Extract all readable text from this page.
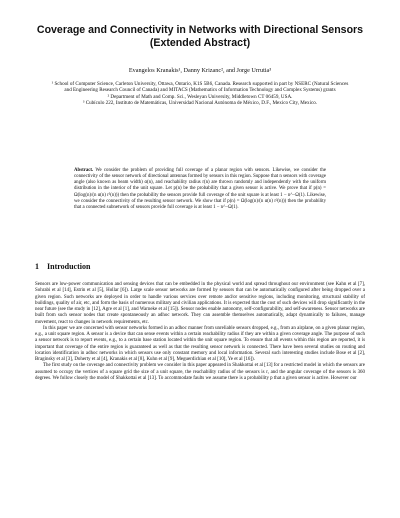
Coverage and Connectivity in Networks with Directional Sensors (Extended Abstract)
Evangelos Kranakis¹, Danny Krizanc², and Jorge Urrutia³

¹ School of Computer Science, Carleton University, Ottawa, Ontario, K1S 5B6, Canada. Research supported in part by NSERC (Natural Sciences and Engineering Research Council of Canada) and MITACS (Mathematics of Information Technology and Complex Systems) grants

² Department of Math and Comp. Sci., Wesleyan University, Middletown CT 06459, USA.

³ Cubículo 222, Instituto de Matemáticas, Universidad Nacional Autónoma de México, D.F., Mexico City, Mexico.

Abstract. We consider the problem of providing full coverage of a planar region with sensors. Likewise, we consider the connectivity of the sensor network of directional antennas formed by sensors in this region. Suppose that n sensors with coverage angle (also known as beam width) α(n), and reachability radius r(n) are thrown randomly and independently with the uniform distribution in the interior of the unit square. Let p(n) be the probability that a given sensor is active. We prove that if p(n) = Ω(log(n)/(n α(n) r²(n))) then the probability the sensors provide full coverage of the unit square is at least 1 − n^−Ω(1). Likewise, we consider the connectivity of the resulting sensor network. We show that if p(n) = Ω(log(n)/(n α(n) r²(n))) then the probability that a connected subnetwork of sensors provide full coverage is at least 1 − n^−Ω(1).
1 Introduction

Sensors are low-power communication and sensing devices that can be embedded in the physical world and spread throughout our environment (see Kahn et al [7], Sohrabi et al [14], Estrin et al [5], Hollar [6]). Large scale sensor networks are formed by sensors that can be automatically configured after being dropped over a given region. Such networks are deployed in order to handle various services over remote and/or sensitive regions, including monitoring, structural stability of buildings, quality of air, etc, and form the basis of numerous military and civilian applications. It is expected that the cost of such devices will drop significantly in the near future (see the study in [12], Agre et al [1], and Warneke et al [15]). Sensor nodes enable autonomy, self-configurability, and self-awareness. Sensor networks are built from such sensor nodes that create spontaneously an adhoc network. They can assemble themselves automatically, adapt dynamically to failures, manage movement, react to changes in network requirements, etc.

In this paper we are concerned with sensor networks formed in an adhoc manner from unreliable sensors dropped, e.g., from an airplane, on a given planar region, e.g., a unit square region. A sensor is a device that can sense events within a certain reachability radius if they are within a given coverage angle. The purpose of such a sensor network is to report events, e.g., to a certain base station located within the unit square region. To ensure that all events within this region are reported, it is important that coverage of the entire region is guaranteed as well as that the resulting sensor network is connected. There have been several studies on routing and location identification in adhoc networks in which sensors use only constant memory and local information. Several such interesting studies include Bose et al [2], Braginsky et al [3], Doherty et al [4], Kranakis et al [8], Kuhn et al [9], Meguerdichian et al [10], Ye et al [16]).

The first study on the coverage and connectivity problem we consider in this paper appeared in Shakkottai et al [13] for a restricted model in which the sensors are assumed to occupy the vertices of a square grid the size of a unit square, the reachability radius of the sensors is r, and the angular coverage of the sensors is 360 degrees. We follow closely the model of Shakkottai et al [13]. To accommodate faults we assume there is a probability p that a given sensor is active. However our
